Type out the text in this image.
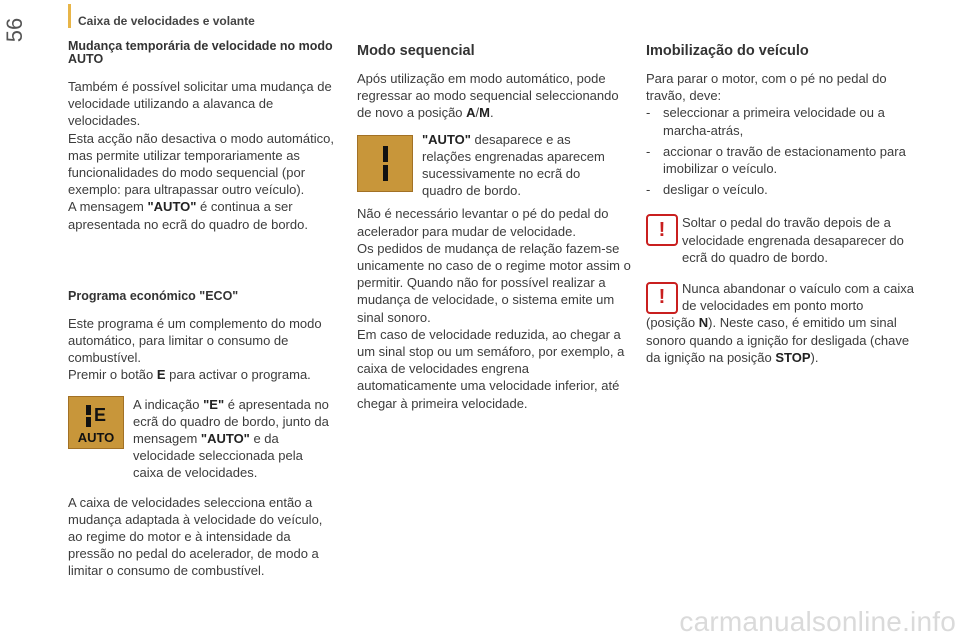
Caixa de velocidades e volante
56
Mudança temporária de velocidade no modo AUTO

Também é possível solicitar uma mudança de velocidade utilizando a alavanca de velocidades.

Esta acção não desactiva o modo automático, mas permite utilizar temporariamente as funcionalidades do modo sequencial (por exemplo: para ultrapassar outro veículo).

A mensagem "AUTO" é continua a ser apresentada no ecrã do quadro de bordo.

Programa económico "ECO"

Este programa é um complemento do modo automático, para limitar o consumo de combustível.

Premir o botão E para activar o programa.

E
AUTO

A indicação "E" é apresentada no ecrã do quadro de bordo, junto da mensagem "AUTO" e da velocidade seleccionada pela caixa de velocidades.

A caixa de velocidades selecciona então a mudança adaptada à velocidade do veículo, ao regime do motor e à intensidade da pressão no pedal do acelerador, de modo a limitar o consumo de combustível.

Modo sequencial

Após utilização em modo automático, pode regressar ao modo sequencial seleccionando de novo a posição A/M.

"AUTO" desaparece e as relações engrenadas aparecem sucessivamente no ecrã do quadro de bordo.

Não é necessário levantar o pé do pedal do acelerador para mudar de velocidade.

Os pedidos de mudança de relação fazem-se unicamente no caso de o regime motor assim o permitir. Quando não for possível realizar a mudança de velocidade, o sistema emite um sinal sonoro.

Em caso de velocidade reduzida, ao chegar a um sinal stop ou um semáforo, por exemplo, a caixa de velocidades engrena automaticamente uma velocidade inferior, até chegar à primeira velocidade.

Imobilização do veículo

Para parar o motor, com o pé no pedal do travão, deve:

- seleccionar a primeira velocidade ou a marcha-atrás,
- accionar o travão de estacionamento para imobilizar o veículo.
- desligar o veículo.
!	Soltar o pedal do travão depois de a velocidade engrenada desaparecer do ecrã do quadro de bordo.

!	Nunca abandonar o vaículo com a caixa de velocidades em ponto morto (posição N). Neste caso, é emitido um sinal sonoro quando a ignição for desligada (chave da ignição na posição STOP).

carmanualsonline.info
